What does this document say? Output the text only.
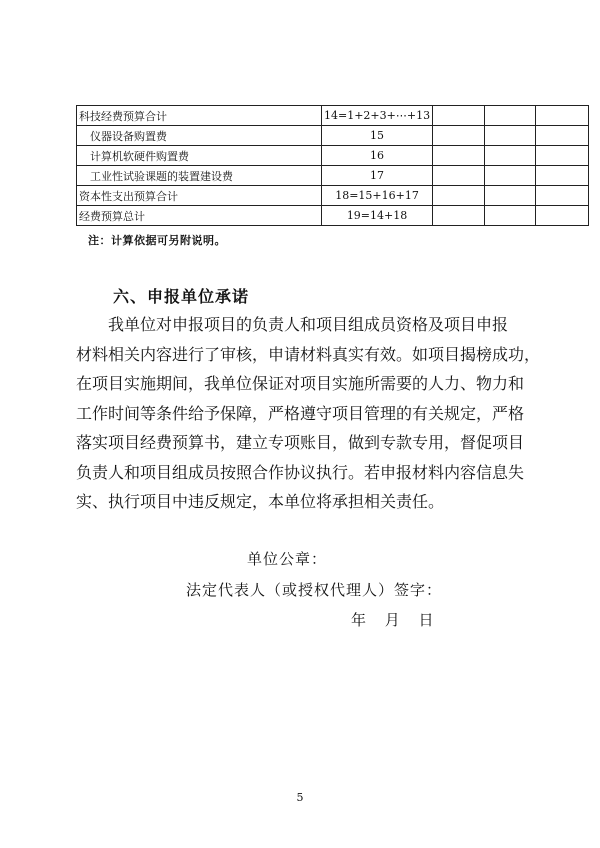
科技经费预算合计	14=1+2+3+⋯+13			
仪器设备购置费	15			
计算机软硬件购置费	16			
工业性试验课题的装置建设费	17			
资本性支出预算合计	18=15+16+17			
经费预算总计	19=14+18			
注：计算依据可另附说明。
六、申报单位承诺
我单位对申报项目的负责人和项目组成员资格及项目申报
材料相关内容进行了审核，申请材料真实有效。如项目揭榜成功，
在项目实施期间，我单位保证对项目实施所需要的人力、物力和
工作时间等条件给予保障，严格遵守项目管理的有关规定，严格
落实项目经费预算书，建立专项账目，做到专款专用，督促项目
负责人和项目组成员按照合作协议执行。若申报材料内容信息失
实、执行项目中违反规定，本单位将承担相关责任。
单位公章：
法定代表人（或授权代理人）签字：
年 月 日
5
